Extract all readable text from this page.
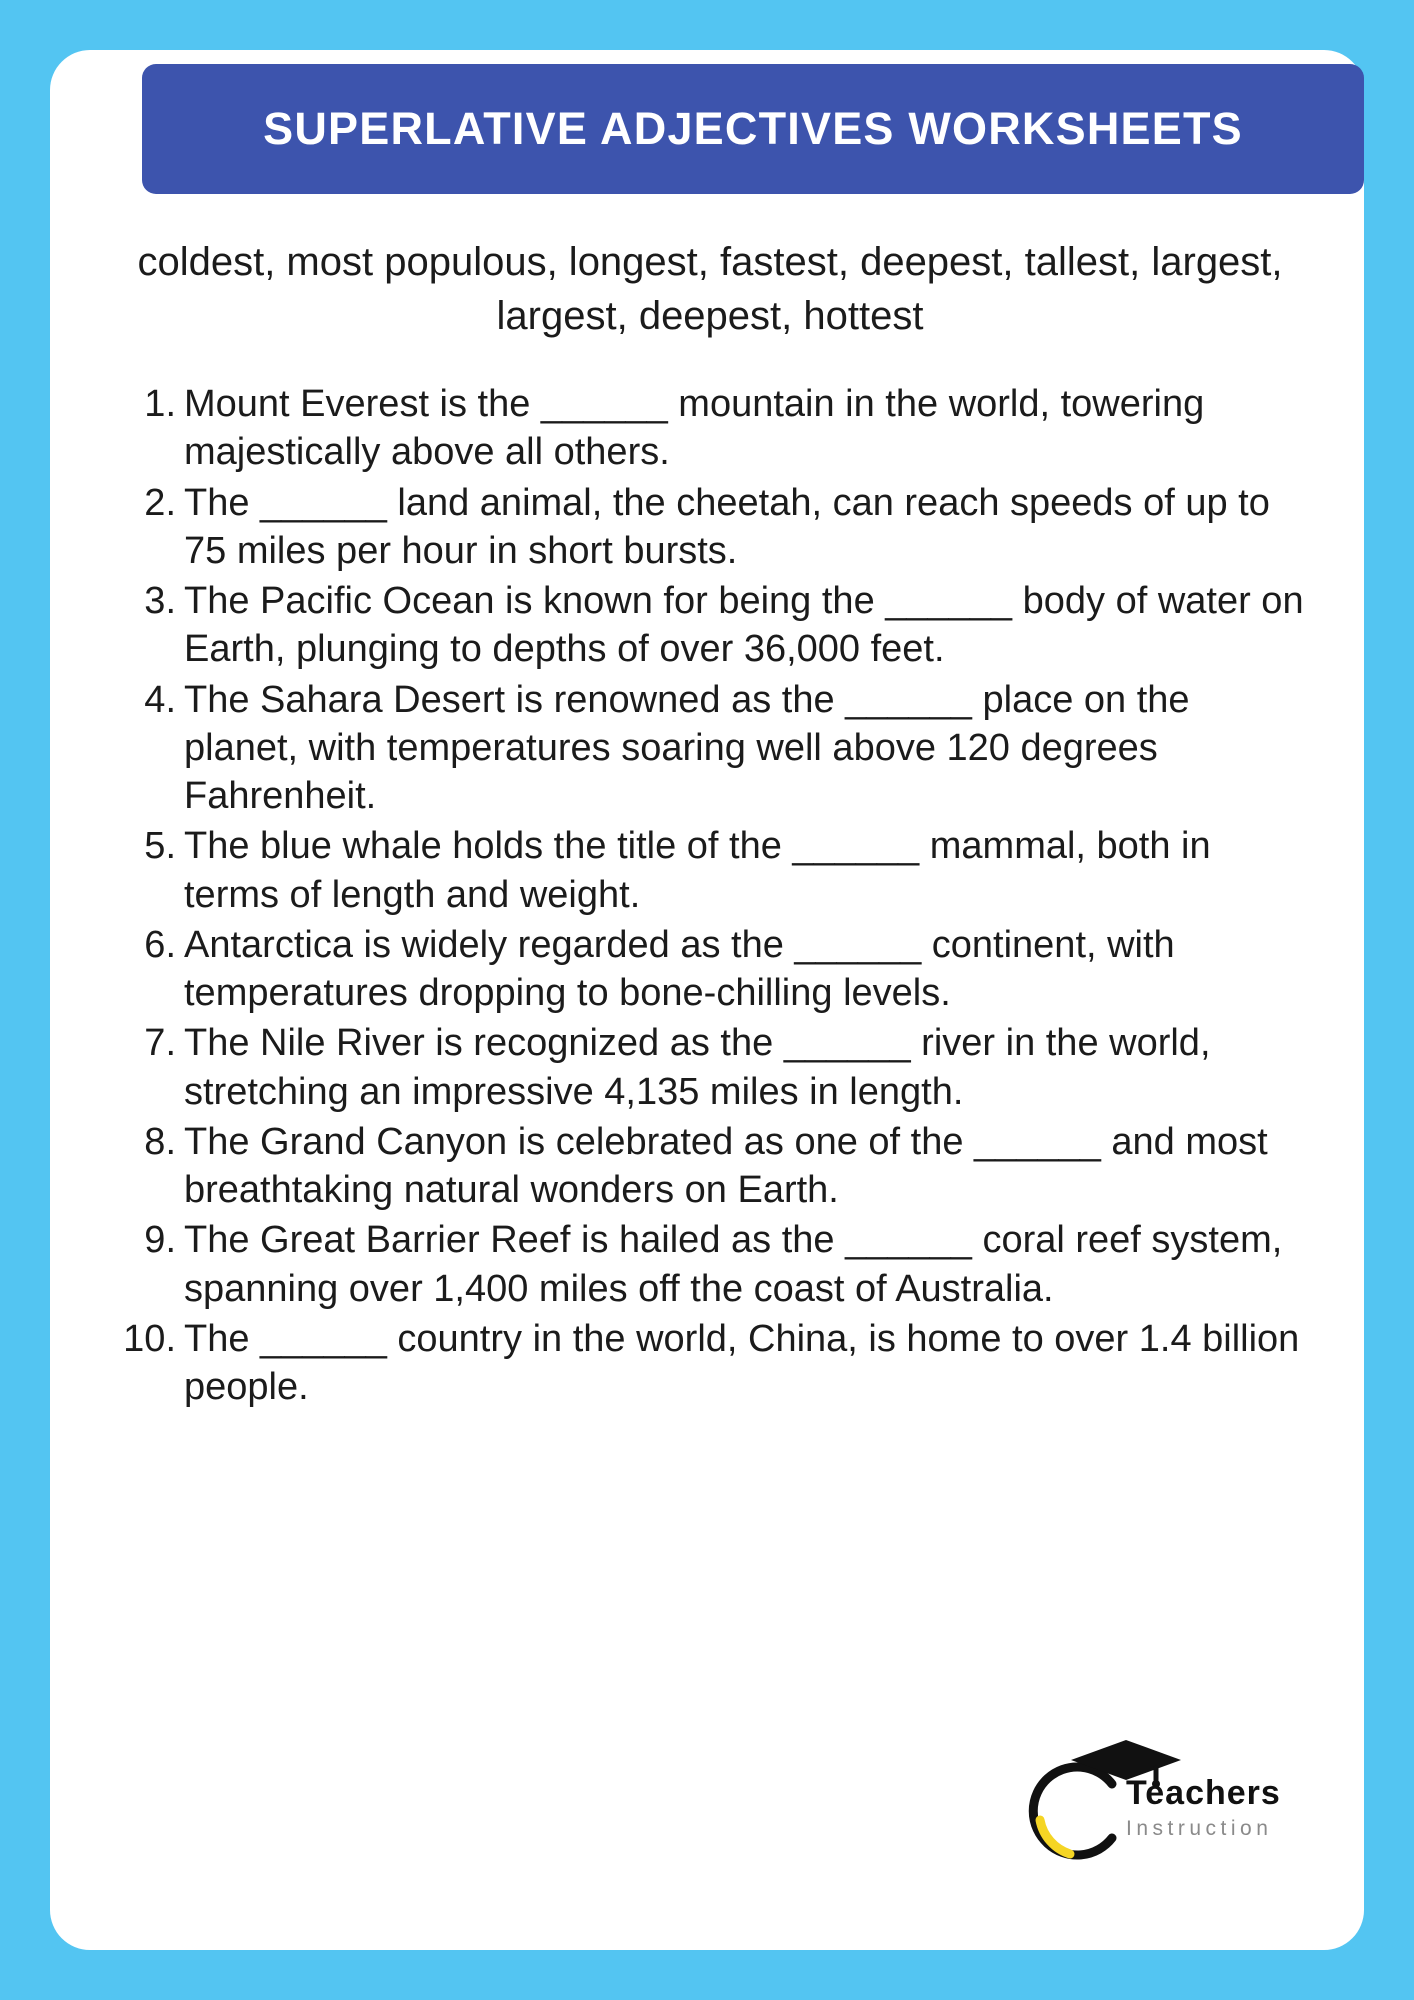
SUPERLATIVE ADJECTIVES WORKSHEETS
coldest, most populous, longest, fastest, deepest, tallest, largest, largest, deepest, hottest
Mount Everest is the ______ mountain in the world, towering majestically above all others.
The ______ land animal, the cheetah, can reach speeds of up to 75 miles per hour in short bursts.
The Pacific Ocean is known for being the ______ body of water on Earth, plunging to depths of over 36,000 feet.
The Sahara Desert is renowned as the ______ place on the planet, with temperatures soaring well above 120 degrees Fahrenheit.
The blue whale holds the title of the ______ mammal, both in terms of length and weight.
Antarctica is widely regarded as the ______ continent, with temperatures dropping to bone-chilling levels.
The Nile River is recognized as the ______ river in the world, stretching an impressive 4,135 miles in length.
The Grand Canyon is celebrated as one of the ______ and most breathtaking natural wonders on Earth.
The Great Barrier Reef is hailed as the ______ coral reef system, spanning over 1,400 miles off the coast of Australia.
The ______ country in the world, China, is home to over 1.4 billion people.
Teachers
Instruction
